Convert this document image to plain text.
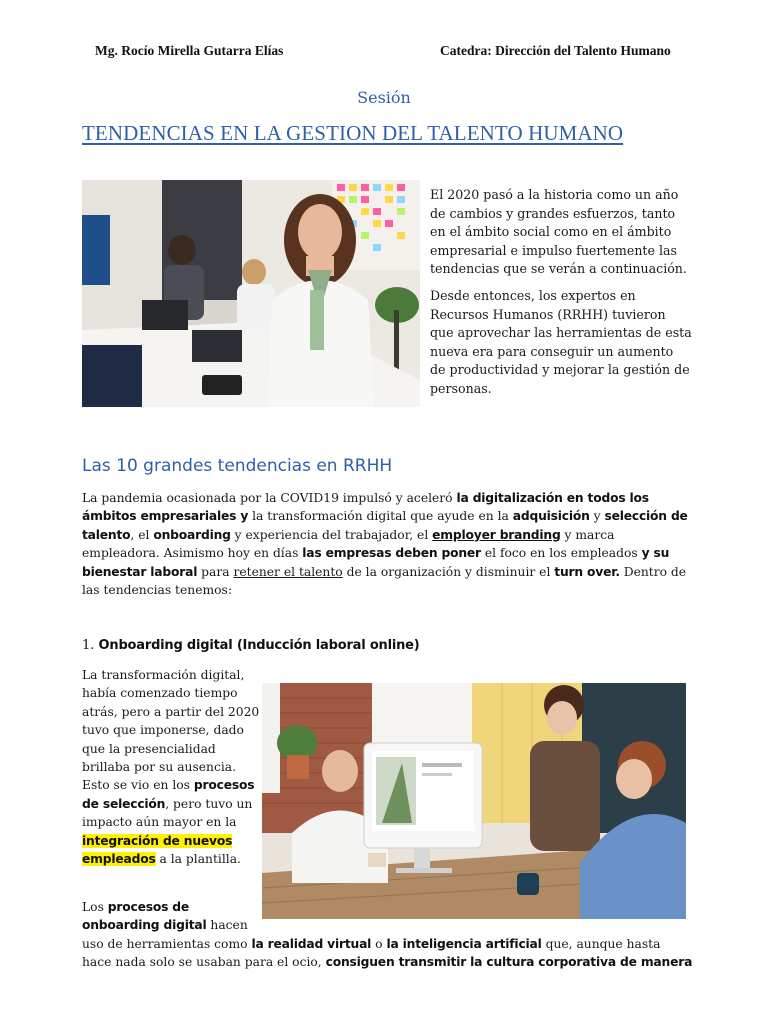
Mg. Rocío Mirella Gutarra Elías	Catedra: Dirección del Talento Humano
Sesión
TENDENCIAS EN LA GESTION DEL TALENTO HUMANO

El 2020 pasó a la historia como un año de cambios y grandes esfuerzos, tanto en el ámbito social como en el ámbito empresarial e impulso fuertemente las tendencias que se verán a continuación.

Desde entonces, los expertos en Recursos Humanos (RRHH) tuvieron que aprovechar las herramientas de esta nueva era para conseguir un aumento de productividad y mejorar la gestión de personas.

Las 10 grandes tendencias en RRHH
La pandemia ocasionada por la COVID19 impulsó y aceleró la digitalización en todos los ámbitos empresariales y la transformación digital que ayude en la adquisición y selección de talento, el onboarding y experiencia del trabajador, el employer branding y marca empleadora. Asimismo hoy en días las empresas deben poner el foco en los empleados y su bienestar laboral para retener el talento de la organización y disminuir el turn over. Dentro de las tendencias tenemos:
1. Onboarding digital (Inducción laboral online)
La transformación digital, había comenzado tiempo atrás, pero a partir del 2020 tuvo que imponerse, dado que la presencialidad brillaba por su ausencia. Esto se vio en los procesos de selección, pero tuvo un impacto aún mayor en la integración de nuevos empleados a la plantilla.
Los procesos de
onboarding digital hacen
uso de herramientas como la realidad virtual o la inteligencia artificial que, aunque hasta
hace nada solo se usaban para el ocio, consiguen transmitir la cultura corporativa de manera
